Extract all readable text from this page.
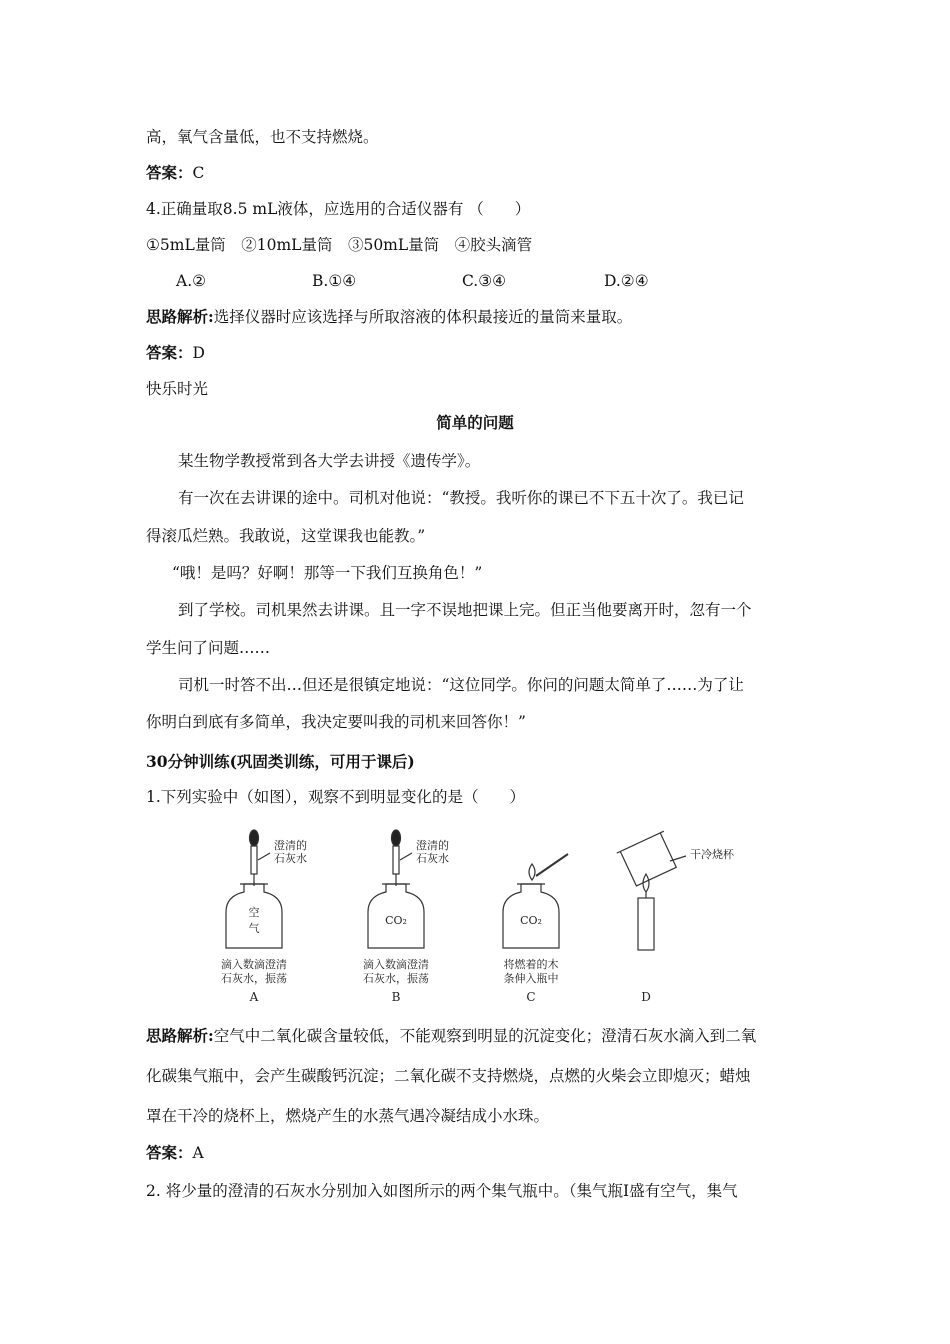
高，氧气含量低，也不支持燃烧。
答案：C
4.正确量取8.5 mL液体，应选用的合适仪器有 （　　）
①5mL量筒　②10mL量筒　③50mL量筒　④胶头滴管
A.②	B.①④	C.③④	D.②④
思路解析:选择仪器时应该选择与所取溶液的体积最接近的量筒来量取。
答案：D
快乐时光
简单的问题
某生物学教授常到各大学去讲授《遗传学》。
有一次在去讲课的途中。司机对他说：“教授。我听你的课已不下五十次了。我已记
得滚瓜烂熟。我敢说，这堂课我也能教。”
“哦！是吗？好啊！那等一下我们互换角色！”
到了学校。司机果然去讲课。且一字不误地把课上完。但正当他要离开时，忽有一个
学生问了问题……
司机一时答不出…但还是很镇定地说：“这位同学。你问的问题太简单了……为了让
你明白到底有多简单，我决定要叫我的司机来回答你！”
30分钟训练(巩固类训练，可用于课后)
1.下列实验中（如图），观察不到明显变化的是（　　）
澄清的
石灰水
澄清的
石灰水	干冷烧杯
空
气
CO₂	CO₂
滴入数滴澄清
石灰水，振荡
滴入数滴澄清
石灰水，振荡
将燃着的木
条伸入瓶中
A	B	C	D
思路解析:空气中二氧化碳含量较低，不能观察到明显的沉淀变化；澄清石灰水滴入到二氧
化碳集气瓶中，会产生碳酸钙沉淀；二氧化碳不支持燃烧，点燃的火柴会立即熄灭；蜡烛
罩在干冷的烧杯上，燃烧产生的水蒸气遇冷凝结成小水珠。
答案：A
2. 将少量的澄清的石灰水分别加入如图所示的两个集气瓶中。（集气瓶Ⅰ盛有空气，集气
